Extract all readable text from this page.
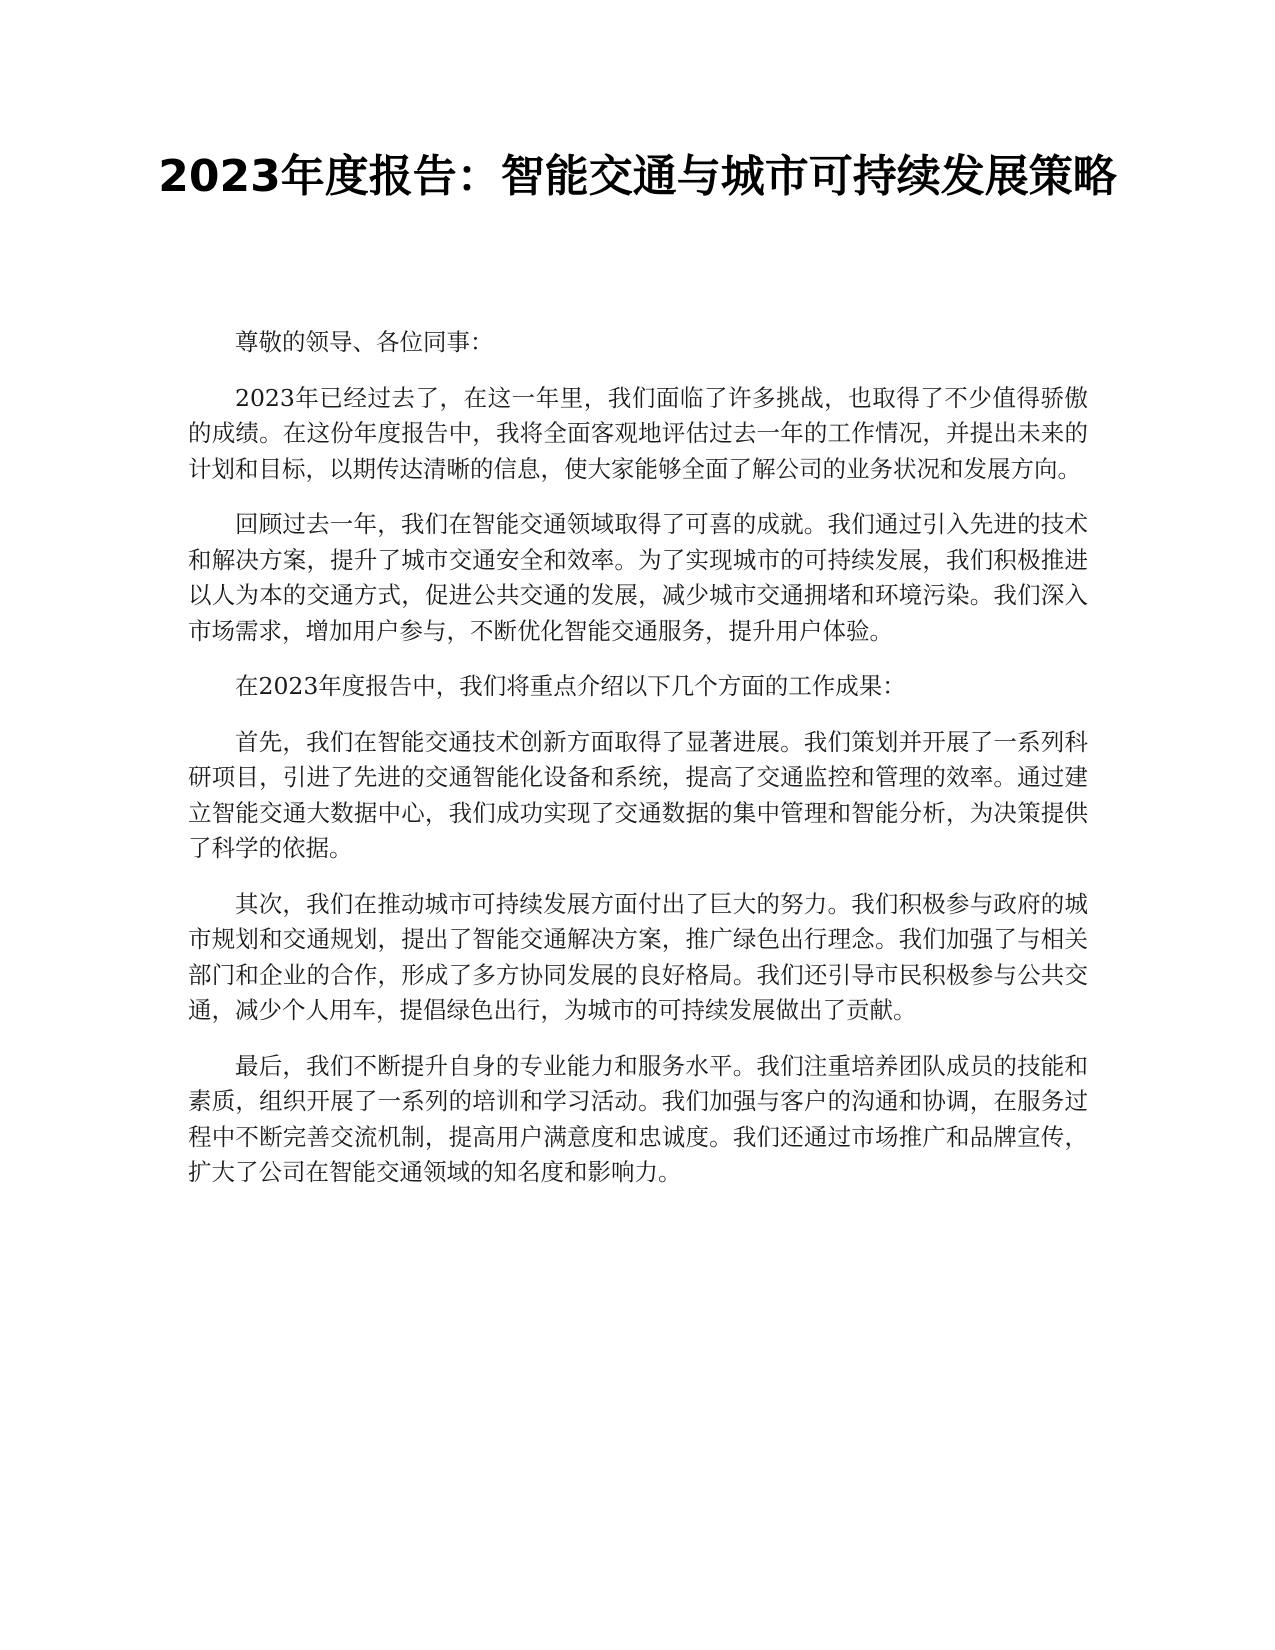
2023年度报告：智能交通与城市可持续发展策略

尊敬的领导、各位同事：

2023年已经过去了，在这一年里，我们面临了许多挑战，也取得了不少值得骄傲的成绩。在这份年度报告中，我将全面客观地评估过去一年的工作情况，并提出未来的计划和目标，以期传达清晰的信息，使大家能够全面了解公司的业务状况和发展方向。

回顾过去一年，我们在智能交通领域取得了可喜的成就。我们通过引入先进的技术和解决方案，提升了城市交通安全和效率。为了实现城市的可持续发展，我们积极推进以人为本的交通方式，促进公共交通的发展，减少城市交通拥堵和环境污染。我们深入市场需求，增加用户参与，不断优化智能交通服务，提升用户体验。

在2023年度报告中，我们将重点介绍以下几个方面的工作成果：

首先，我们在智能交通技术创新方面取得了显著进展。我们策划并开展了一系列科研项目，引进了先进的交通智能化设备和系统，提高了交通监控和管理的效率。通过建立智能交通大数据中心，我们成功实现了交通数据的集中管理和智能分析，为决策提供了科学的依据。

其次，我们在推动城市可持续发展方面付出了巨大的努力。我们积极参与政府的城市规划和交通规划，提出了智能交通解决方案，推广绿色出行理念。我们加强了与相关部门和企业的合作，形成了多方协同发展的良好格局。我们还引导市民积极参与公共交通，减少个人用车，提倡绿色出行，为城市的可持续发展做出了贡献。

最后，我们不断提升自身的专业能力和服务水平。我们注重培养团队成员的技能和素质，组织开展了一系列的培训和学习活动。我们加强与客户的沟通和协调，在服务过程中不断完善交流机制，提高用户满意度和忠诚度。我们还通过市场推广和品牌宣传，扩大了公司在智能交通领域的知名度和影响力。
